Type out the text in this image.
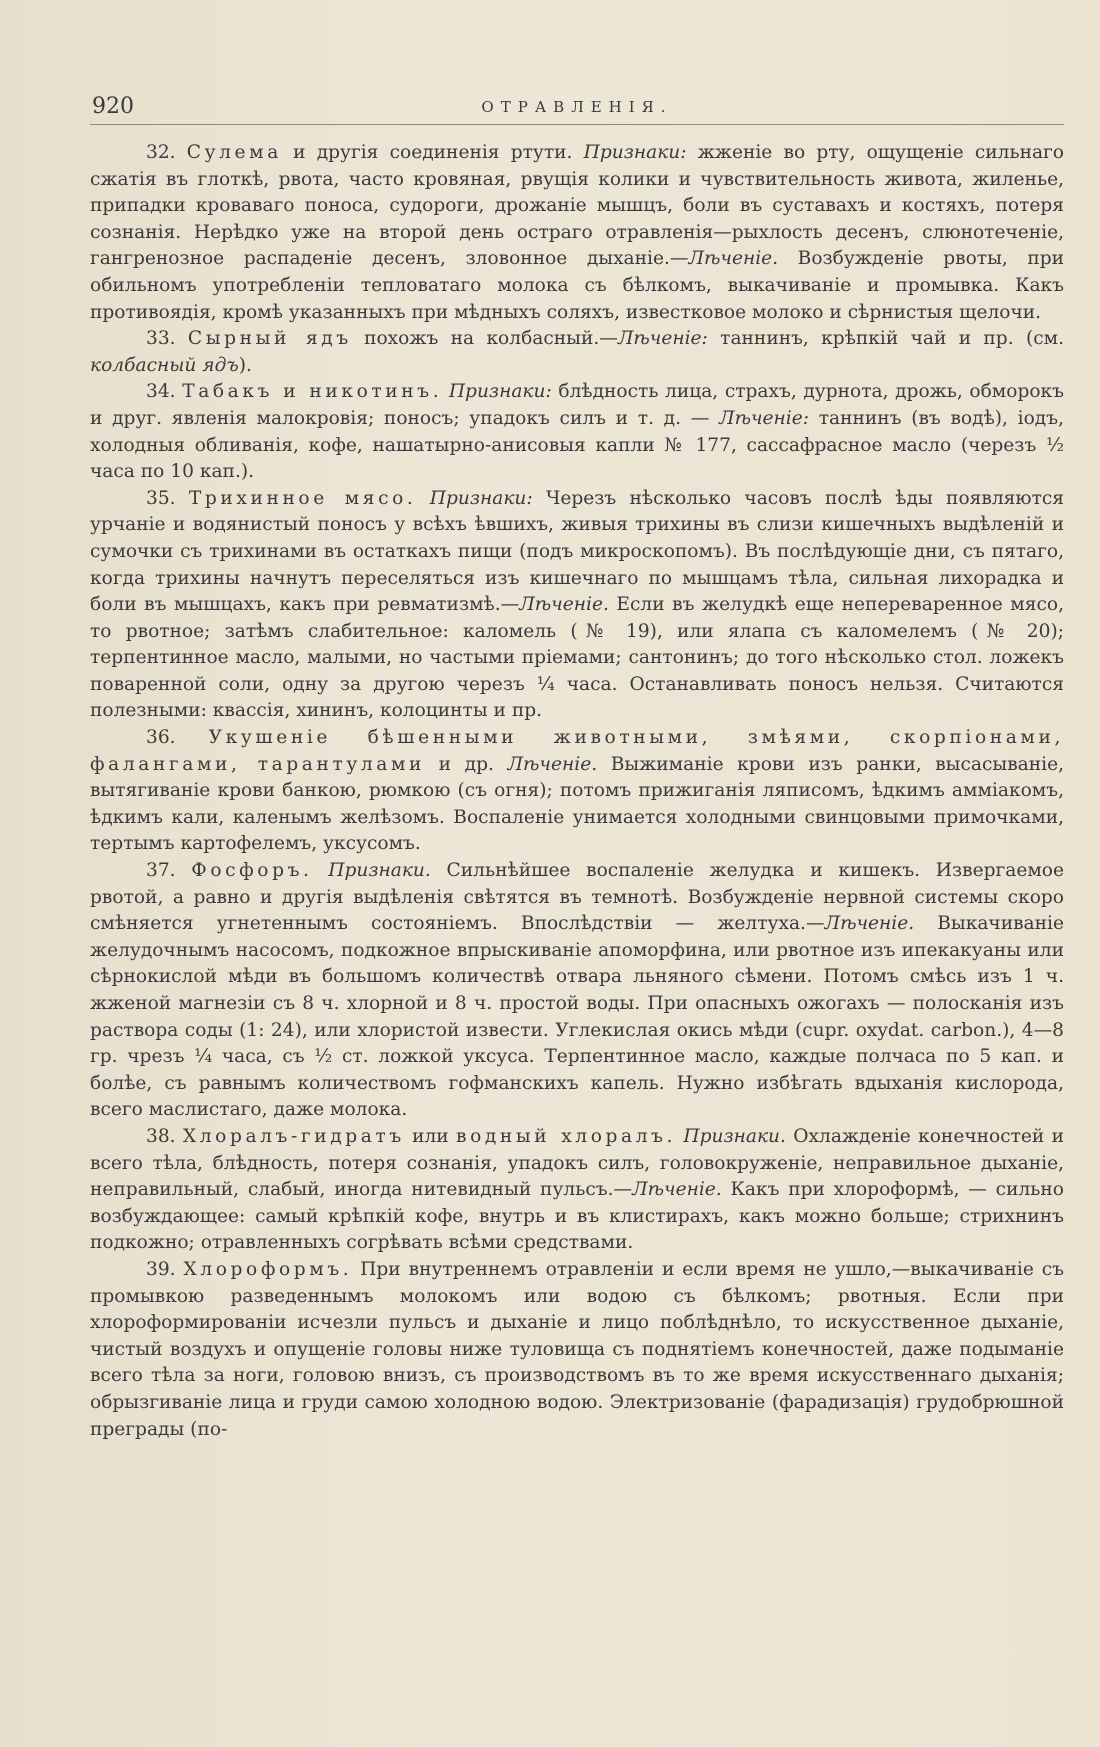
920	ОТРАВЛЕНІЯ.

32. Сулема и другія соединенія ртути. Признаки: жженіе во рту, ощущеніе сильнаго сжатія въ глоткѣ, рвота, часто кровяная, рвущія колики и чувствительность живота, жиленье, припадки кроваваго поноса, судороги, дрожаніе мышцъ, боли въ суставахъ и костяхъ, потеря сознанія. Нерѣдко уже на второй день остраго отравленія—рыхлость десенъ, слюнотеченіе, гангренозное распаденіе десенъ, зловонное дыханіе.—Лѣченіе. Возбужденіе рвоты, при обильномъ употребленіи тепловатаго молока съ бѣлкомъ, выкачиваніе и промывка. Какъ противоядія, кромѣ указанныхъ при мѣдныхъ соляхъ, известковое молоко и сѣрнистыя щелочи.

33. Сырный ядъ похожъ на колбасный.—Лѣченіе: таннинъ, крѣпкій чай и пр. (см. колбасный ядъ).

34. Табакъ и никотинъ. Признаки: блѣдность лица, страхъ, дурнота, дрожь, обморокъ и друг. явленія малокровія; поносъ; упадокъ силъ и т. д. — Лѣченіе: таннинъ (въ водѣ), іодъ, холодныя обливанія, кофе, нашатырно-анисовыя капли № 177, сассафрасное масло (черезъ ½ часа по 10 кап.).

35. Трихинное мясо. Признаки: Черезъ нѣсколько часовъ послѣ ѣды появляются урчаніе и водянистый поносъ у всѣхъ ѣвшихъ, живыя трихины въ слизи кишечныхъ выдѣленій и сумочки съ трихинами въ остаткахъ пищи (подъ микроскопомъ). Въ послѣдующіе дни, съ пятаго, когда трихины начнутъ переселяться изъ кишечнаго по мышцамъ тѣла, сильная лихорадка и боли въ мышцахъ, какъ при ревматизмѣ.—Лѣченіе. Если въ желудкѣ еще непереваренное мясо, то рвотное; затѣмъ слабительное: каломель (№ 19), или ялапа съ каломелемъ (№ 20); терпентинное масло, малыми, но частыми пріемами; сантонинъ; до того нѣсколько стол. ложекъ поваренной соли, одну за другою черезъ ¼ часа. Останавливать поносъ нельзя. Считаются полезными: квассія, хининъ, колоцинты и пр.

36. Укушеніе бѣшенными животными, змѣями, скорпіонами, фалангами, тарантулами и др. Лѣченіе. Выжиманіе крови изъ ранки, высасываніе, вытягиваніе крови банкою, рюмкою (съ огня); потомъ прижиганія ляписомъ, ѣдкимъ аммiакомъ, ѣдкимъ кали, каленымъ желѣзомъ. Воспаленіе унимается холодными свинцовыми примочками, тертымъ картофелемъ, уксусомъ.

37. Фосфоръ. Признаки. Сильнѣйшее воспаленіе желудка и кишекъ. Извергаемое рвотой, а равно и другія выдѣленія свѣтятся въ темнотѣ. Возбужденіе нервной системы скоро смѣняется угнетеннымъ состояніемъ. Впослѣдствіи — желтуха.—Лѣченіе. Выкачиваніе желудочнымъ насосомъ, подкожное впрыскиваніе апоморфина, или рвотное изъ ипекакуаны или сѣрнокислой мѣди въ большомъ количествѣ отвара льняного сѣмени. Потомъ смѣсь изъ 1 ч. жженой магнезіи съ 8 ч. хлорной и 8 ч. простой воды. При опасныхъ ожогахъ — полосканія изъ раствора соды (1: 24), или хлористой извести. Углекислая окись мѣди (cupr. oxydat. carbon.), 4—8 гр. чрезъ ¼ часа, съ ½ ст. ложкой уксуса. Терпентинное масло, каждые полчаса по 5 кап. и болѣе, съ равнымъ количествомъ гофманскихъ капель. Нужно избѣгать вдыханія кислорода, всего маслистаго, даже молока.

38. Хлоралъ-гидратъ или водный хлоралъ. Признаки. Охлажденіе конечностей и всего тѣла, блѣдность, потеря сознанія, упадокъ силъ, головокруженіе, неправильное дыханіе, неправильный, слабый, иногда нитевидный пульсъ.—Лѣченіе. Какъ при хлороформѣ, — сильно возбуждающее: самый крѣпкій кофе, внутрь и въ клистирахъ, какъ можно больше; стрихнинъ подкожно; отравленныхъ согрѣвать всѣми средствами.

39. Хлороформъ. При внутреннемъ отравленіи и если время не ушло,—выкачиваніе съ промывкою разведеннымъ молокомъ или водою съ бѣлкомъ; рвотныя. Если при хлороформированіи исчезли пульсъ и дыханіе и лицо поблѣднѣло, то искусственное дыханіе, чистый воздухъ и опущеніе головы ниже туловища съ поднятіемъ конечностей, даже подыманіе всего тѣла за ноги, головою внизъ, съ производствомъ въ то же время искусственнаго дыханія; обрызгиваніе лица и груди самою холодною водою. Электризованіе (фарадизація) грудобрюшной преграды (по-
